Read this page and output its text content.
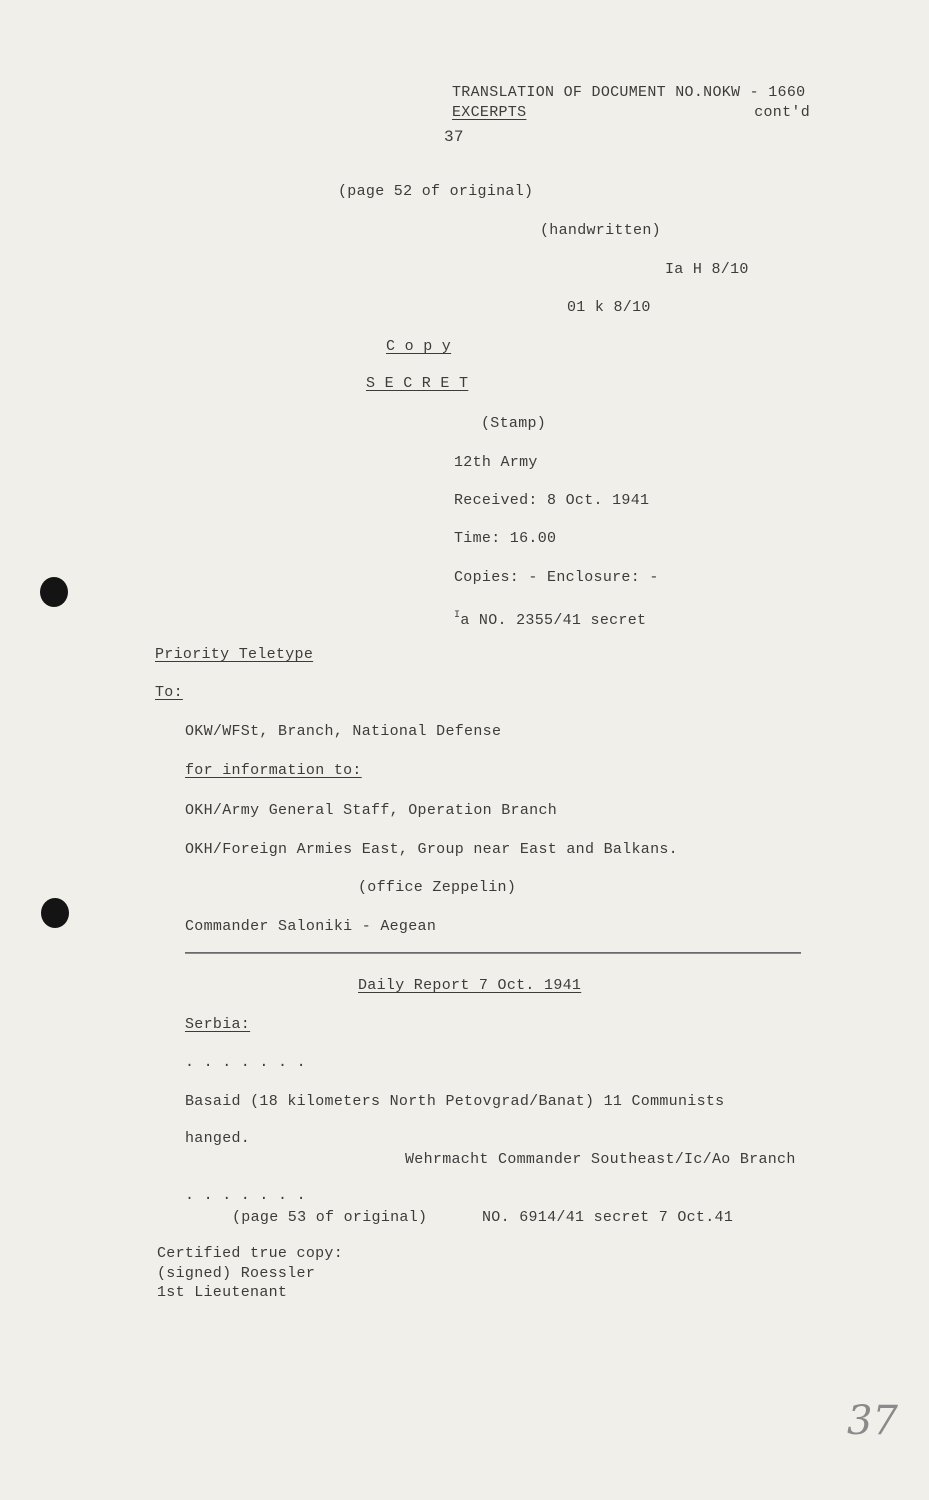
TRANSLATION OF DOCUMENT NO.NOKW - 1660
EXCERPTS	cont'd
37
(page 52 of original)
(handwritten)
Ia H 8/10
01 k 8/10
C o p y
S E C R E T
(Stamp)
12th Army
Received: 8 Oct. 1941
Time: 16.00
Copies: - Enclosure: -
$^I$a NO. 2355/41 secret
Priority Teletype
To:
OKW/WFSt, Branch, National Defense
for information to:
OKH/Army General Staff, Operation Branch
OKH/Foreign Armies East, Group near East and Balkans.
(office Zeppelin)
Commander Saloniki - Aegean
Daily Report 7 Oct. 1941
Serbia:
. . . . . . .
Basaid (18 kilometers North Petovgrad/Banat) 11 Communists
hanged.
Wehrmacht Commander Southeast/Ic/Ao Branch
. . . . . . .
(page 53 of original)	NO. 6914/41 secret 7 Oct.41
Certified true copy:
(signed) Roessler
1st Lieutenant
37
